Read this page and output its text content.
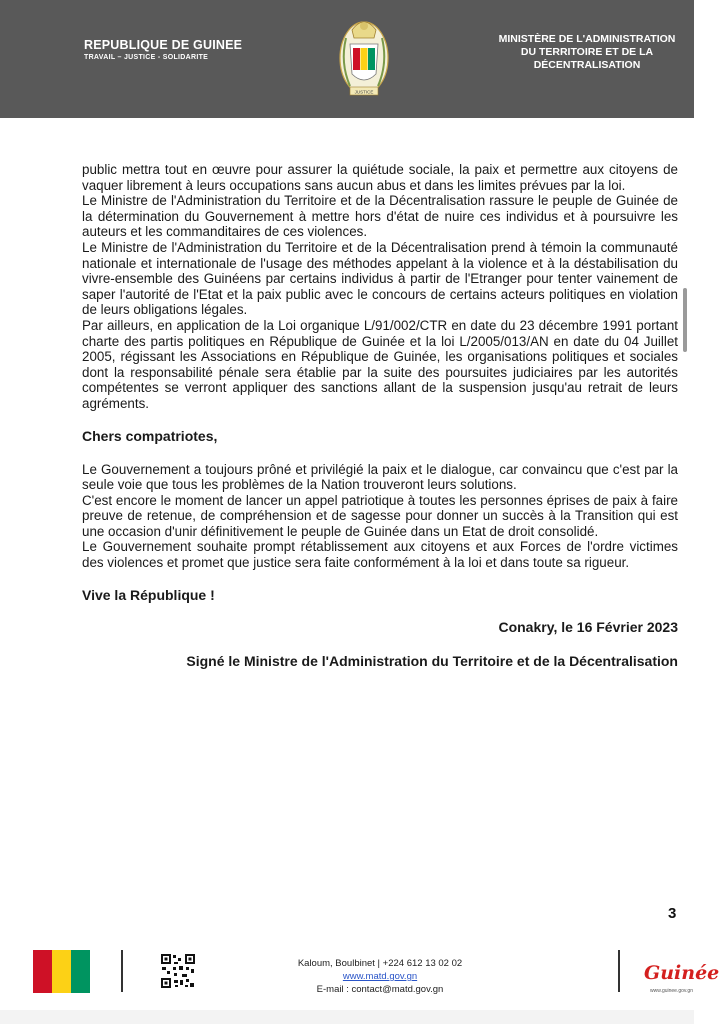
REPUBLIQUE DE GUINEE
TRAVAIL – JUSTICE - SOLIDARITE
JUSTICE
MINISTÈRE DE L'ADMINISTRATION
DU TERRITOIRE ET DE LA
DÉCENTRALISATION

public mettra tout en œuvre pour assurer la quiétude sociale, la paix et permettre aux citoyens de vaquer librement à leurs occupations sans aucun abus et dans les limites prévues par la loi.

Le Ministre de l'Administration du Territoire et de la Décentralisation rassure le peuple de Guinée de la détermination du Gouvernement à mettre hors d'état de nuire ces individus et à poursuivre les auteurs et les commanditaires de ces violences.

Le Ministre de l'Administration du Territoire et de la Décentralisation prend à témoin la communauté nationale et internationale de l'usage des méthodes appelant à la violence et à la déstabilisation du vivre-ensemble des Guinéens par certains individus à partir de l'Etranger pour tenter vainement de saper l'autorité de l'Etat et la paix public avec le concours de certains acteurs politiques en violation de leurs obligations légales.

Par ailleurs, en application de la Loi organique L/91/002/CTR en date du 23 décembre 1991 portant charte des partis politiques en République de Guinée et la loi L/2005/013/AN en date du 04 Juillet 2005, régissant les Associations en République de Guinée, les organisations politiques et sociales dont la responsabilité pénale sera établie par la suite des poursuites judiciaires par les autorités compétentes se verront appliquer des sanctions allant de la suspension jusqu'au retrait de leurs agréments.

Chers compatriotes,

Le Gouvernement a toujours prôné et privilégié la paix et le dialogue, car convaincu que c'est par la seule voie que tous les problèmes de la Nation trouveront leurs solutions.

C'est encore le moment de lancer un appel patriotique à toutes les personnes éprises de paix à faire preuve de retenue, de compréhension et de sagesse pour donner un succès à la Transition qui est une occasion d'unir définitivement le peuple de Guinée dans un Etat de droit consolidé.

Le Gouvernement souhaite prompt rétablissement aux citoyens et aux Forces de l'ordre victimes des violences et promet que justice sera faite conformément à la loi et dans toute sa rigueur.

Vive la République !
Conakry, le 16 Février 2023
Signé le Ministre de l'Administration du Territoire et de la Décentralisation
3
Kaloum, Boulbinet | +224 612 13 02 02
www.matd.gov.gn
E-mail : contact@matd.gov.gn
Guinée
www.guinee.gov.gn
